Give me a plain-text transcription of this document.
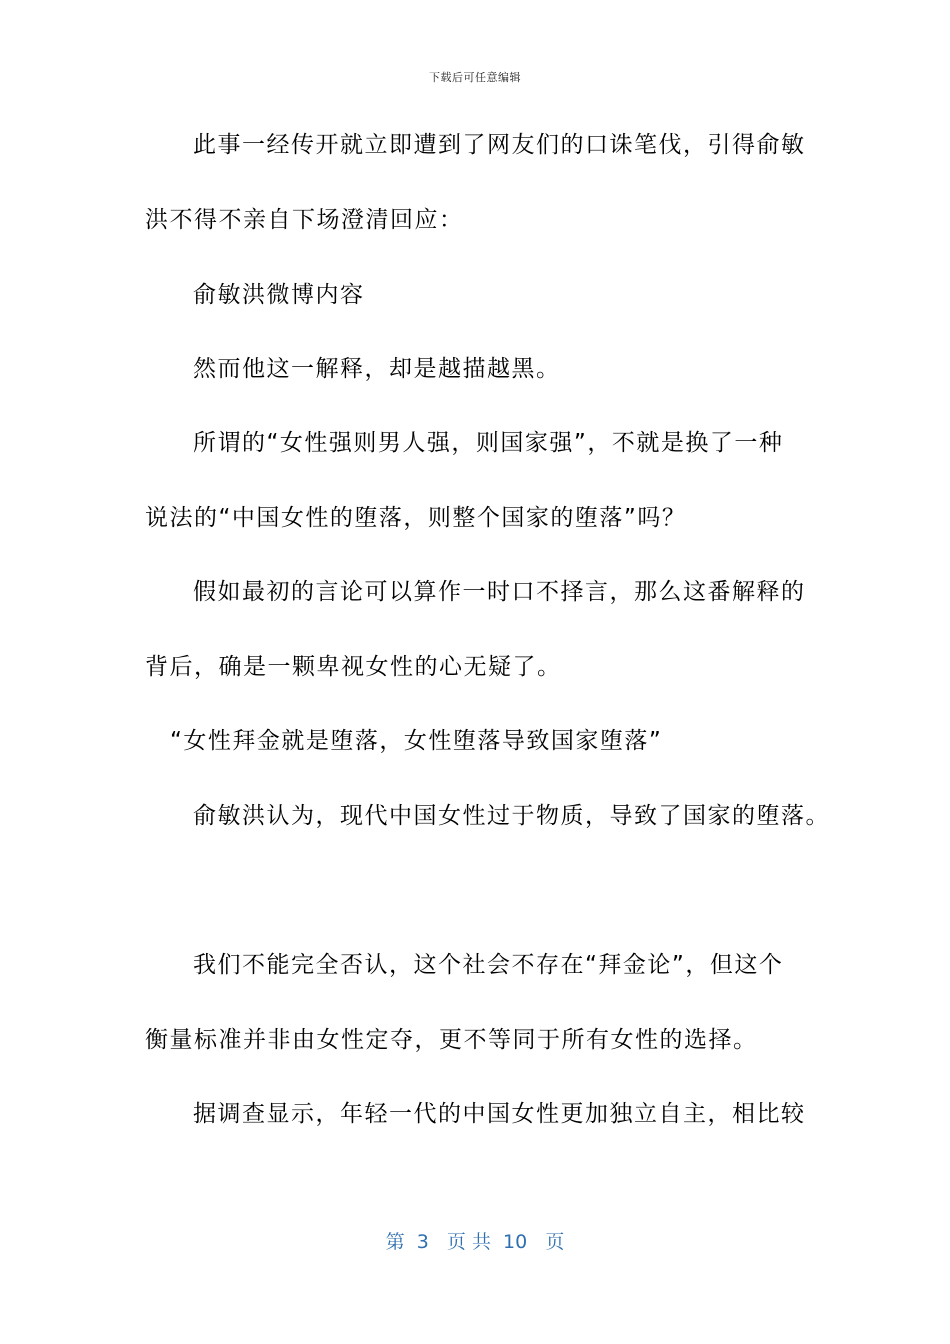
下载后可任意编辑
此事一经传开就立即遭到了网友们的口诛笔伐，引得俞敏
洪不得不亲自下场澄清回应：
俞敏洪微博内容
然而他这一解释，却是越描越黑。
所谓的“女性强则男人强，则国家强”，不就是换了一种
说法的“中国女性的堕落，则整个国家的堕落”吗？
假如最初的言论可以算作一时口不择言，那么这番解释的
背后，确是一颗卑视女性的心无疑了。
“女性拜金就是堕落，女性堕落导致国家堕落”
俞敏洪认为，现代中国女性过于物质，导致了国家的堕落。
我们不能完全否认，这个社会不存在“拜金论”，但这个
衡量标准并非由女性定夺，更不等同于所有女性的选择。
据调查显示，年轻一代的中国女性更加独立自主，相比较
第  3   页 共  10   页
